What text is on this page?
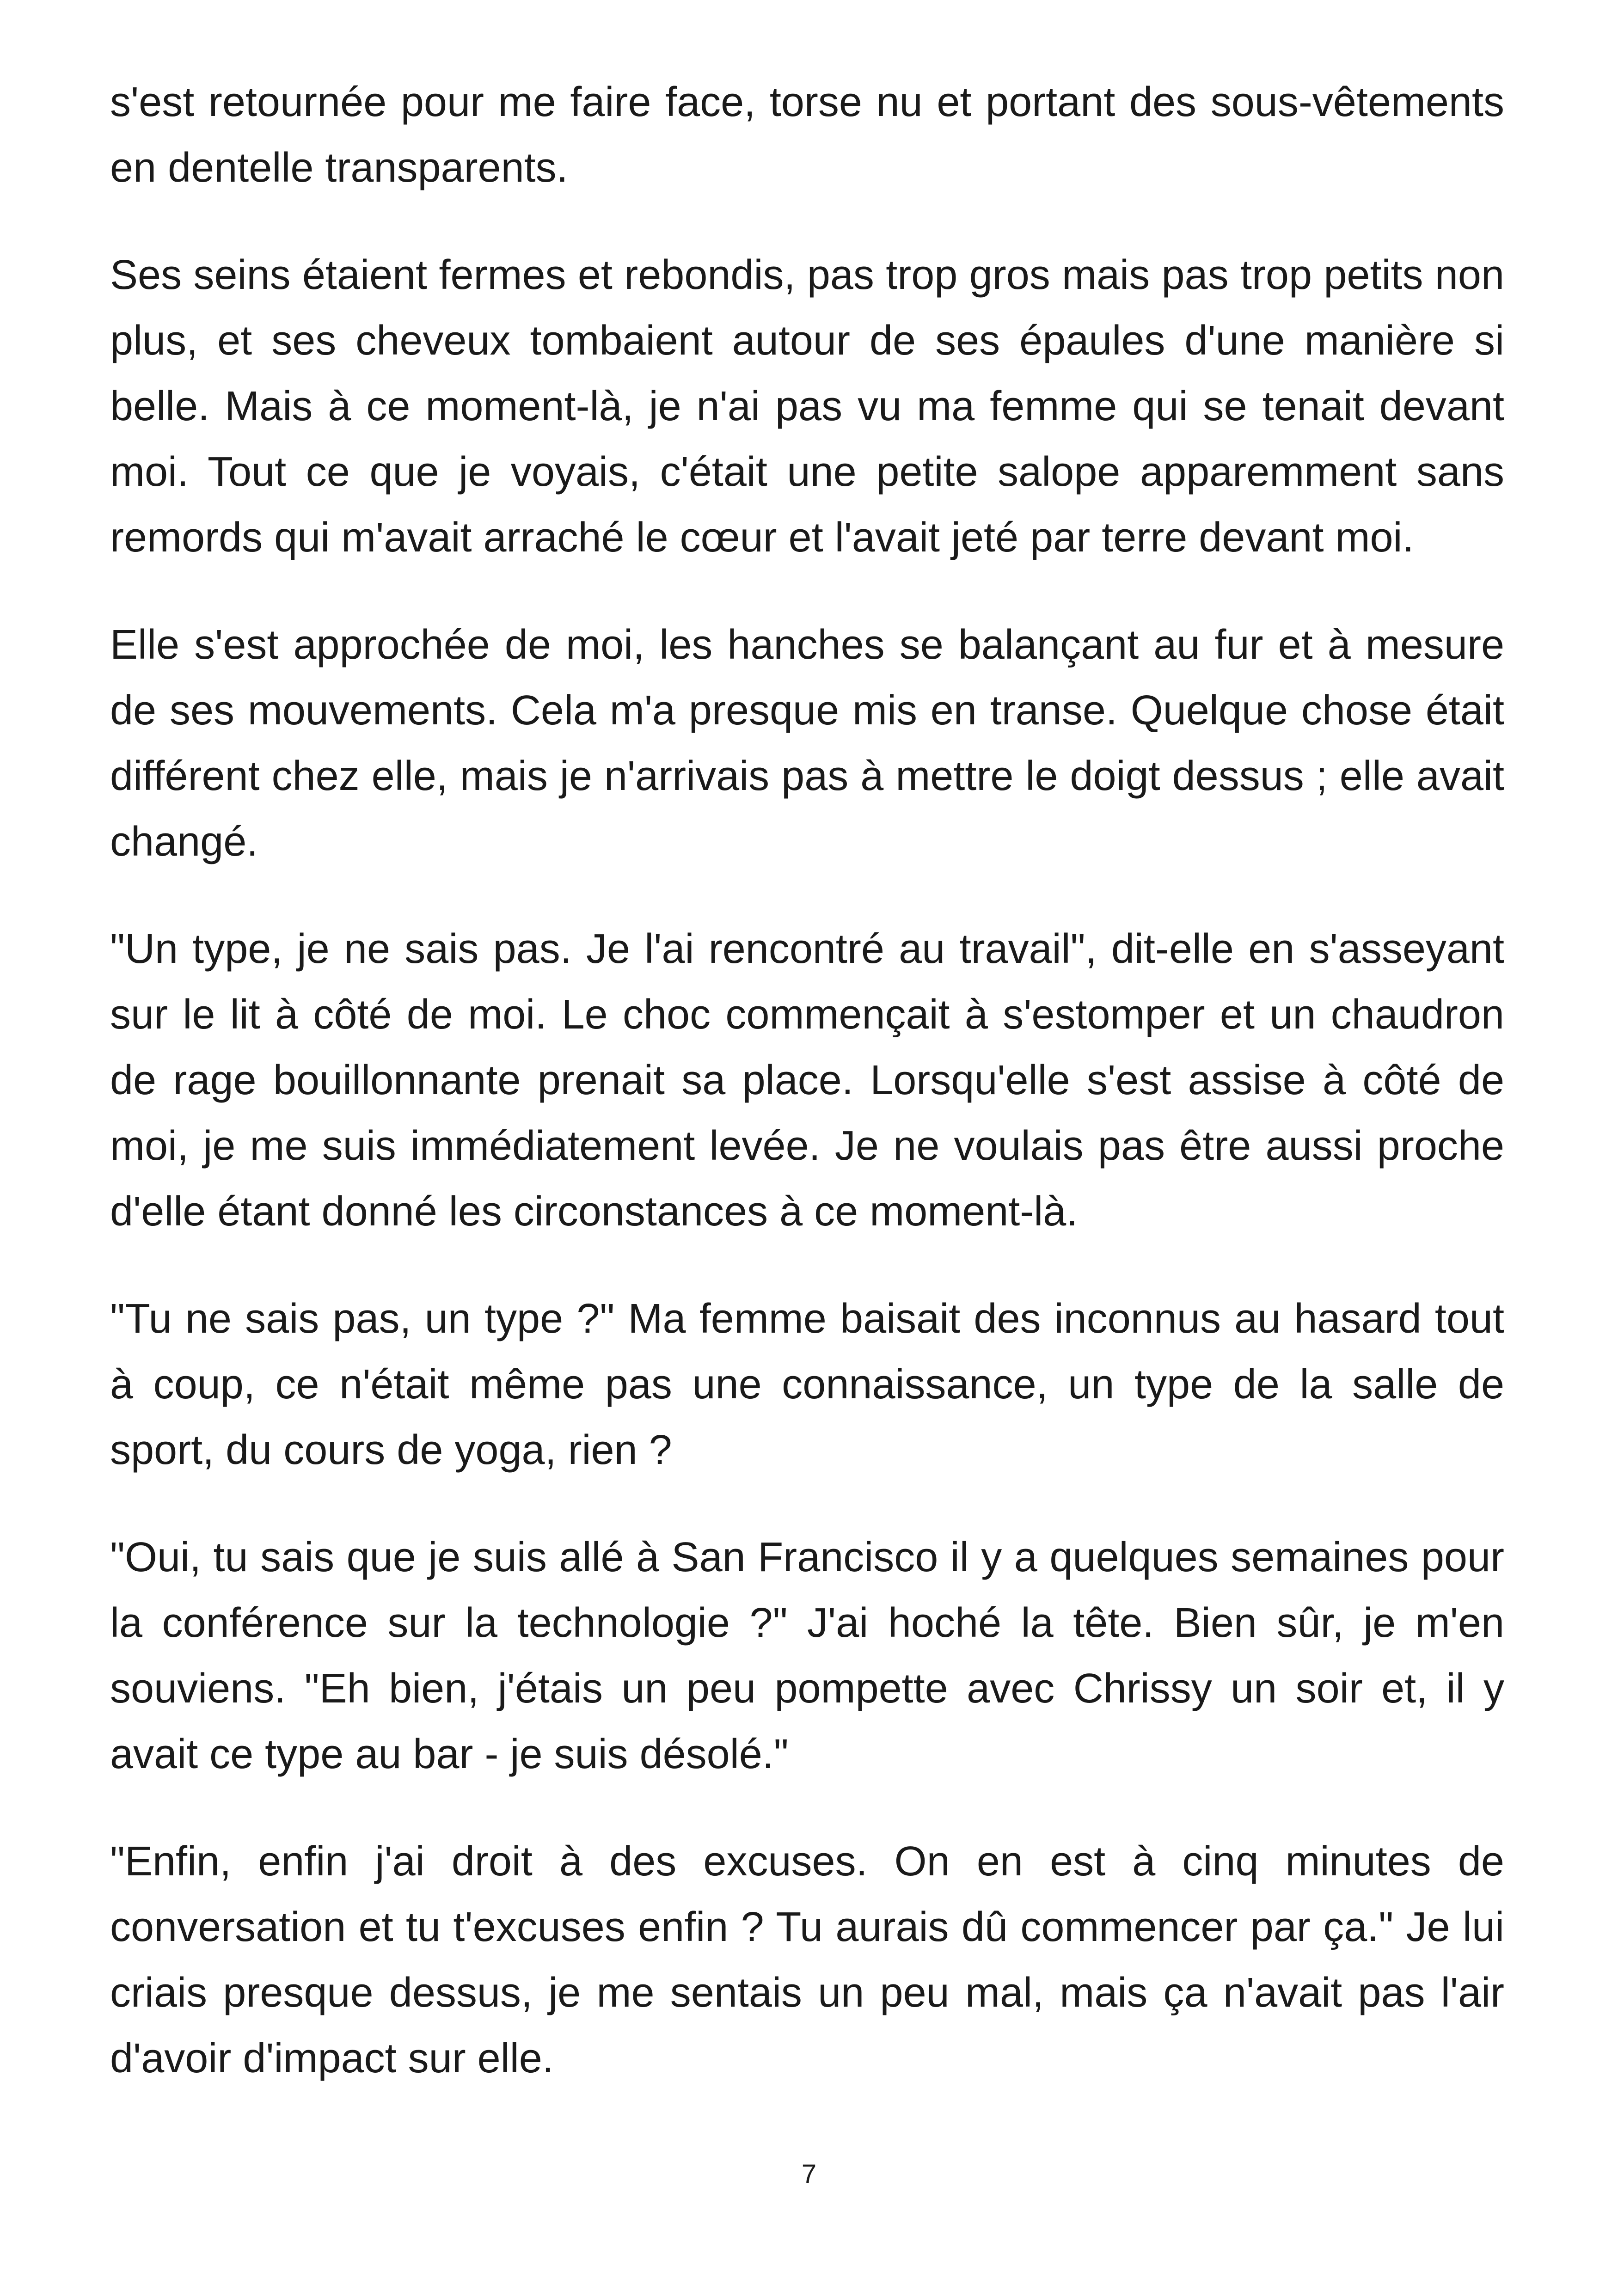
s'est retournée pour me faire face, torse nu et portant des sous-vêtements en dentelle transparents.

Ses seins étaient fermes et rebondis, pas trop gros mais pas trop petits non plus, et ses cheveux tombaient autour de ses épaules d'une manière si belle. Mais à ce moment-là, je n'ai pas vu ma femme qui se tenait devant moi. Tout ce que je voyais, c'était une petite salope apparemment sans remords qui m'avait arraché le cœur et l'avait jeté par terre devant moi.

Elle s'est approchée de moi, les hanches se balançant au fur et à mesure de ses mouvements. Cela m'a presque mis en transe. Quelque chose était différent chez elle, mais je n'arrivais pas à mettre le doigt dessus ; elle avait changé.

"Un type, je ne sais pas. Je l'ai rencontré au travail", dit-elle en s'asseyant sur le lit à côté de moi. Le choc commençait à s'estomper et un chaudron de rage bouillonnante prenait sa place. Lorsqu'elle s'est assise à côté de moi, je me suis immédiatement levée. Je ne voulais pas être aussi proche d'elle étant donné les circonstances à ce moment-là.

"Tu ne sais pas, un type ?" Ma femme baisait des inconnus au hasard tout à coup, ce n'était même pas une connaissance, un type de la salle de sport, du cours de yoga, rien ?

"Oui, tu sais que je suis allé à San Francisco il y a quelques semaines pour la conférence sur la technologie ?" J'ai hoché la tête. Bien sûr, je m'en souviens. "Eh bien, j'étais un peu pompette avec Chrissy un soir et, il y avait ce type au bar - je suis désolé."

"Enfin, enfin j'ai droit à des excuses. On en est à cinq minutes de conversation et tu t'excuses enfin ? Tu aurais dû commencer par ça." Je lui criais presque dessus, je me sentais un peu mal, mais ça n'avait pas l'air d'avoir d'impact sur elle.

7
